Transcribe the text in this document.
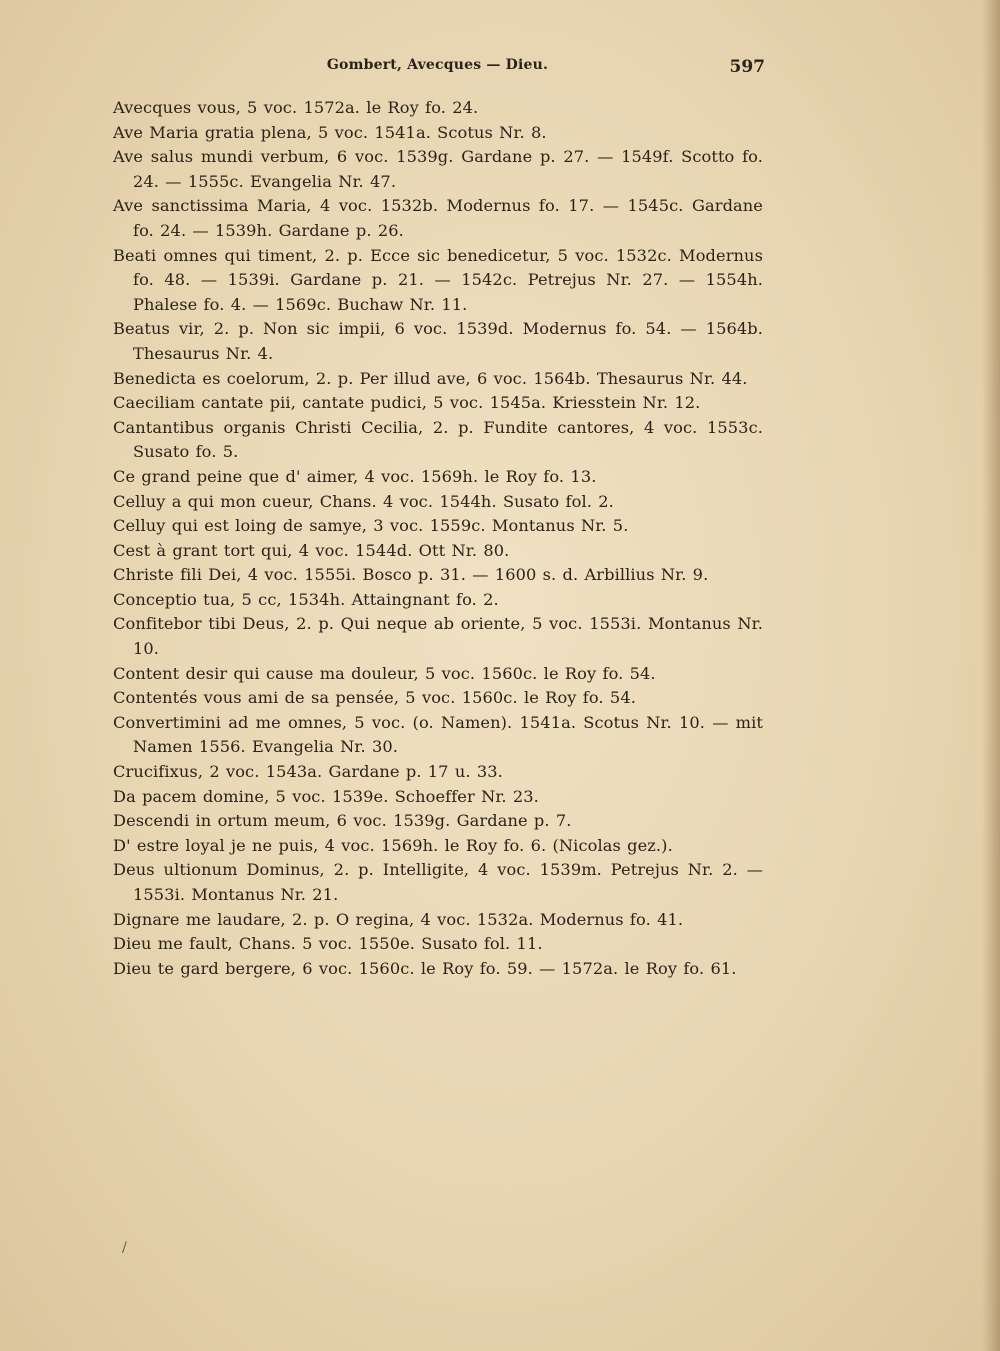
Gombert, Avecques — Dieu.	597
Avecques vous, 5 voc. 1572a. le Roy fo. 24.
Ave Maria gratia plena, 5 voc. 1541a. Scotus Nr. 8.
Ave salus mundi verbum, 6 voc. 1539g. Gardane p. 27. — 1549f. Scotto fo. 24. — 1555c. Evangelia Nr. 47.
Ave sanctissima Maria, 4 voc. 1532b. Modernus fo. 17. — 1545c. Gardane fo. 24. — 1539h. Gardane p. 26.
Beati omnes qui timent, 2. p. Ecce sic benedicetur, 5 voc. 1532c. Modernus fo. 48. — 1539i. Gardane p. 21. — 1542c. Petrejus Nr. 27. — 1554h. Phalese fo. 4. — 1569c. Buchaw Nr. 11.
Beatus vir, 2. p. Non sic impii, 6 voc. 1539d. Modernus fo. 54. — 1564b. Thesaurus Nr. 4.
Benedicta es coelorum, 2. p. Per illud ave, 6 voc. 1564b. Thesaurus Nr. 44.
Caeciliam cantate pii, cantate pudici, 5 voc. 1545a. Kriesstein Nr. 12.
Cantantibus organis Christi Cecilia, 2. p. Fundite cantores, 4 voc. 1553c. Susato fo. 5.
Ce grand peine que d' aimer, 4 voc. 1569h. le Roy fo. 13.
Celluy a qui mon cueur, Chans. 4 voc. 1544h. Susato fol. 2.
Celluy qui est loing de samye, 3 voc. 1559c. Montanus Nr. 5.
Cest à grant tort qui, 4 voc. 1544d. Ott Nr. 80.
Christe fili Dei, 4 voc. 1555i. Bosco p. 31. — 1600 s. d. Arbillius Nr. 9.
Conceptio tua, 5 cc, 1534h. Attaingnant fo. 2.
Confitebor tibi Deus, 2. p. Qui neque ab oriente, 5 voc. 1553i. Montanus Nr. 10.
Content desir qui cause ma douleur, 5 voc. 1560c. le Roy fo. 54.
Contentés vous ami de sa pensée, 5 voc. 1560c. le Roy fo. 54.
Convertimini ad me omnes, 5 voc. (o. Namen). 1541a. Scotus Nr. 10. — mit Namen 1556. Evangelia Nr. 30.
Crucifixus, 2 voc. 1543a. Gardane p. 17 u. 33.
Da pacem domine, 5 voc. 1539e. Schoeffer Nr. 23.
Descendi in ortum meum, 6 voc. 1539g. Gardane p. 7.
D' estre loyal je ne puis, 4 voc. 1569h. le Roy fo. 6. (Nicolas gez.).
Deus ultionum Dominus, 2. p. Intelligite, 4 voc. 1539m. Petrejus Nr. 2. — 1553i. Montanus Nr. 21.
Dignare me laudare, 2. p. O regina, 4 voc. 1532a. Modernus fo. 41.
Dieu me fault, Chans. 5 voc. 1550e. Susato fol. 11.
Dieu te gard bergere, 6 voc. 1560c. le Roy fo. 59. — 1572a. le Roy fo. 61.
/
